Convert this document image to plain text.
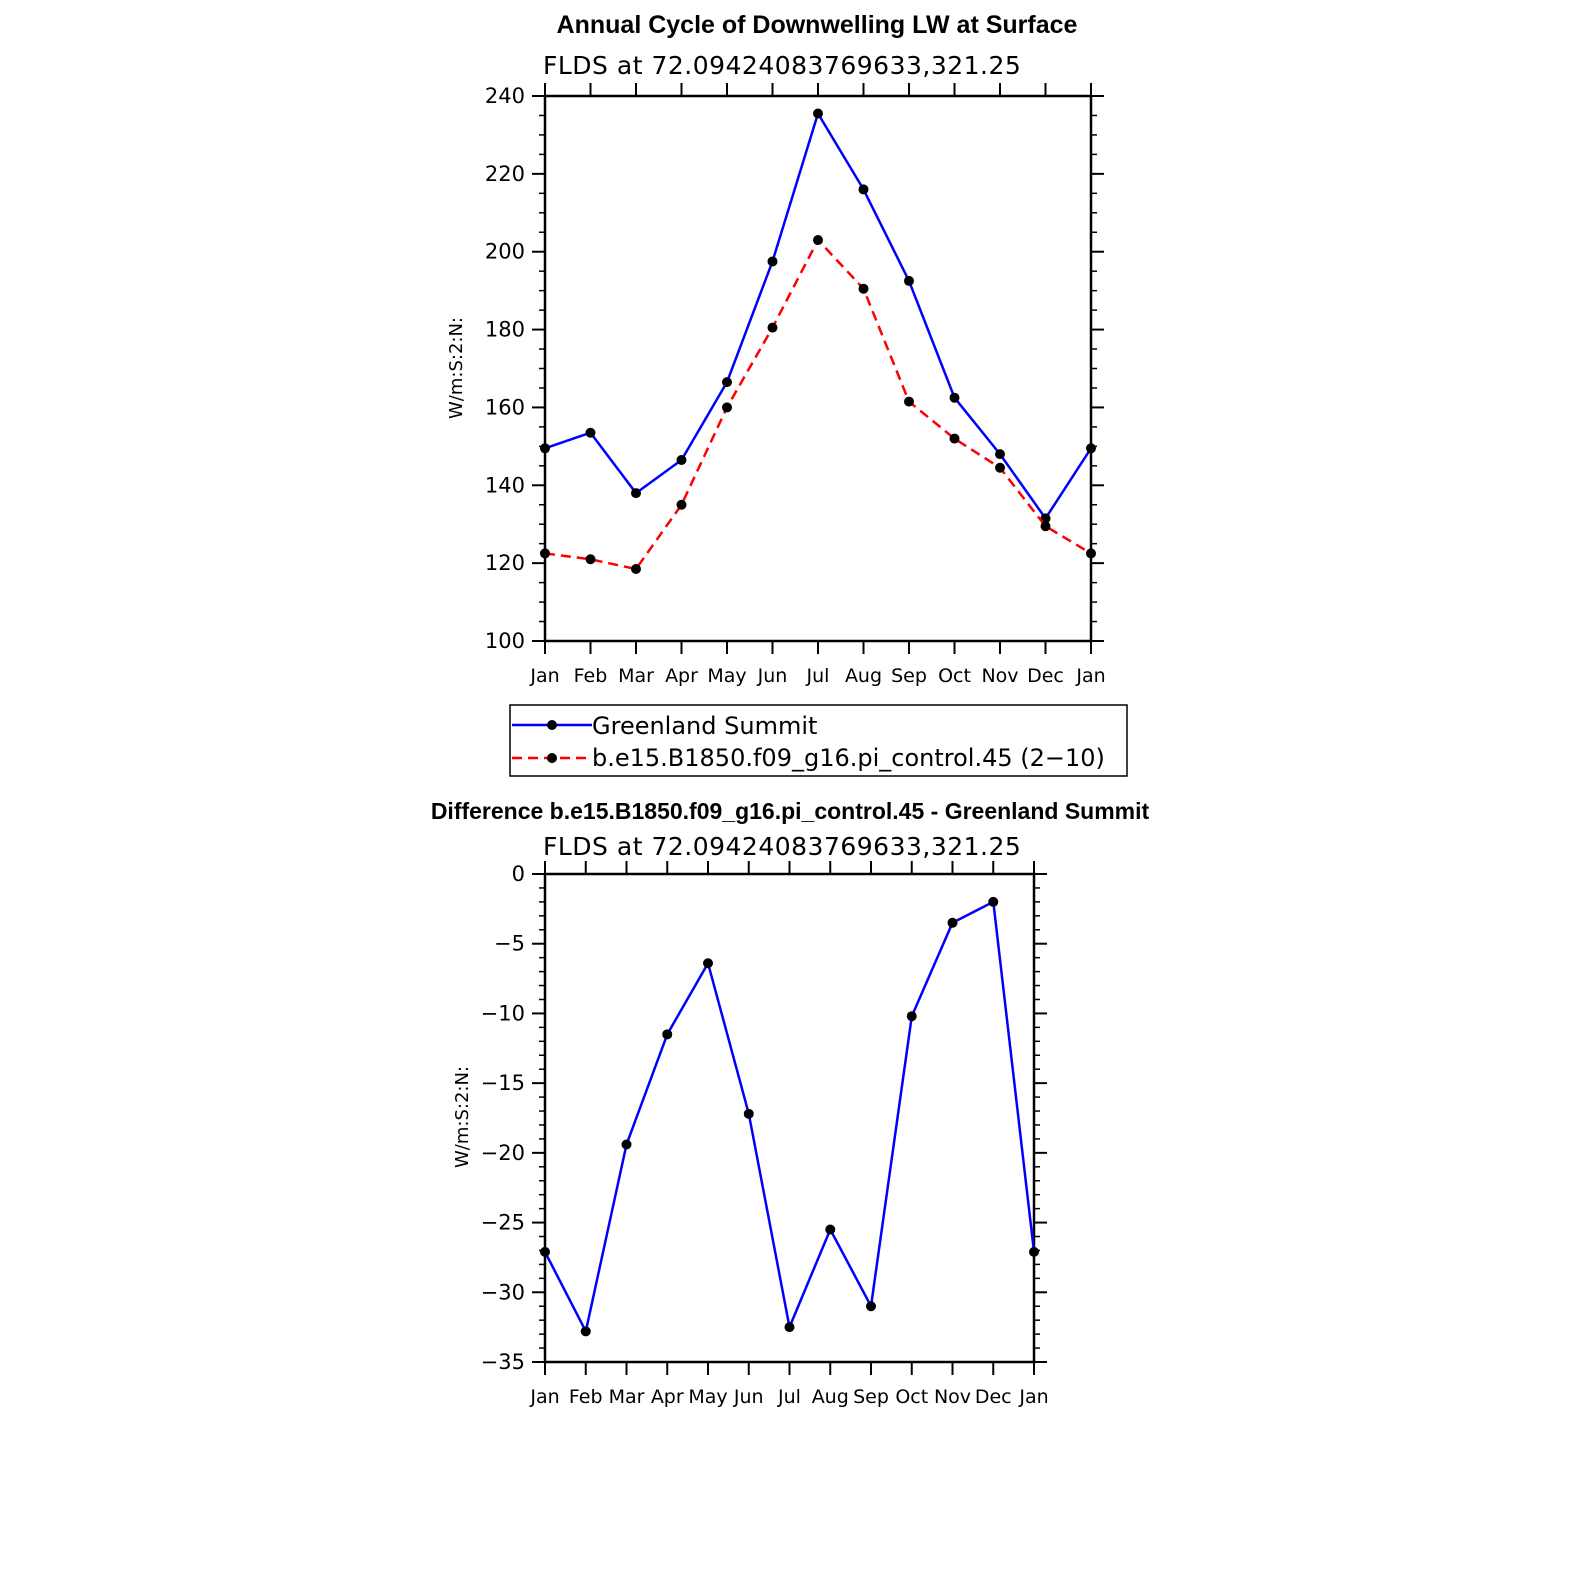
Annual Cycle of Downwelling LW at Surface
FLDS at 72.09424083769633,321.25
W/m:S:2:N:
100
120
140
160
180
200
220
240
Jan Feb Mar Apr May Jun Jul Aug Sep Oct Nov Dec Jan
Greenland Summit
b.e15.B1850.f09_g16.pi_control.45 (2−10)
Difference b.e15.B1850.f09_g16.pi_control.45 - Greenland Summit
FLDS at 72.09424083769633,321.25
W/m:S:2:N:
−35
−30
−25
−20
−15
−10
−5
0
Jan Feb Mar Apr May Jun Jul Aug Sep Oct Nov Dec Jan
